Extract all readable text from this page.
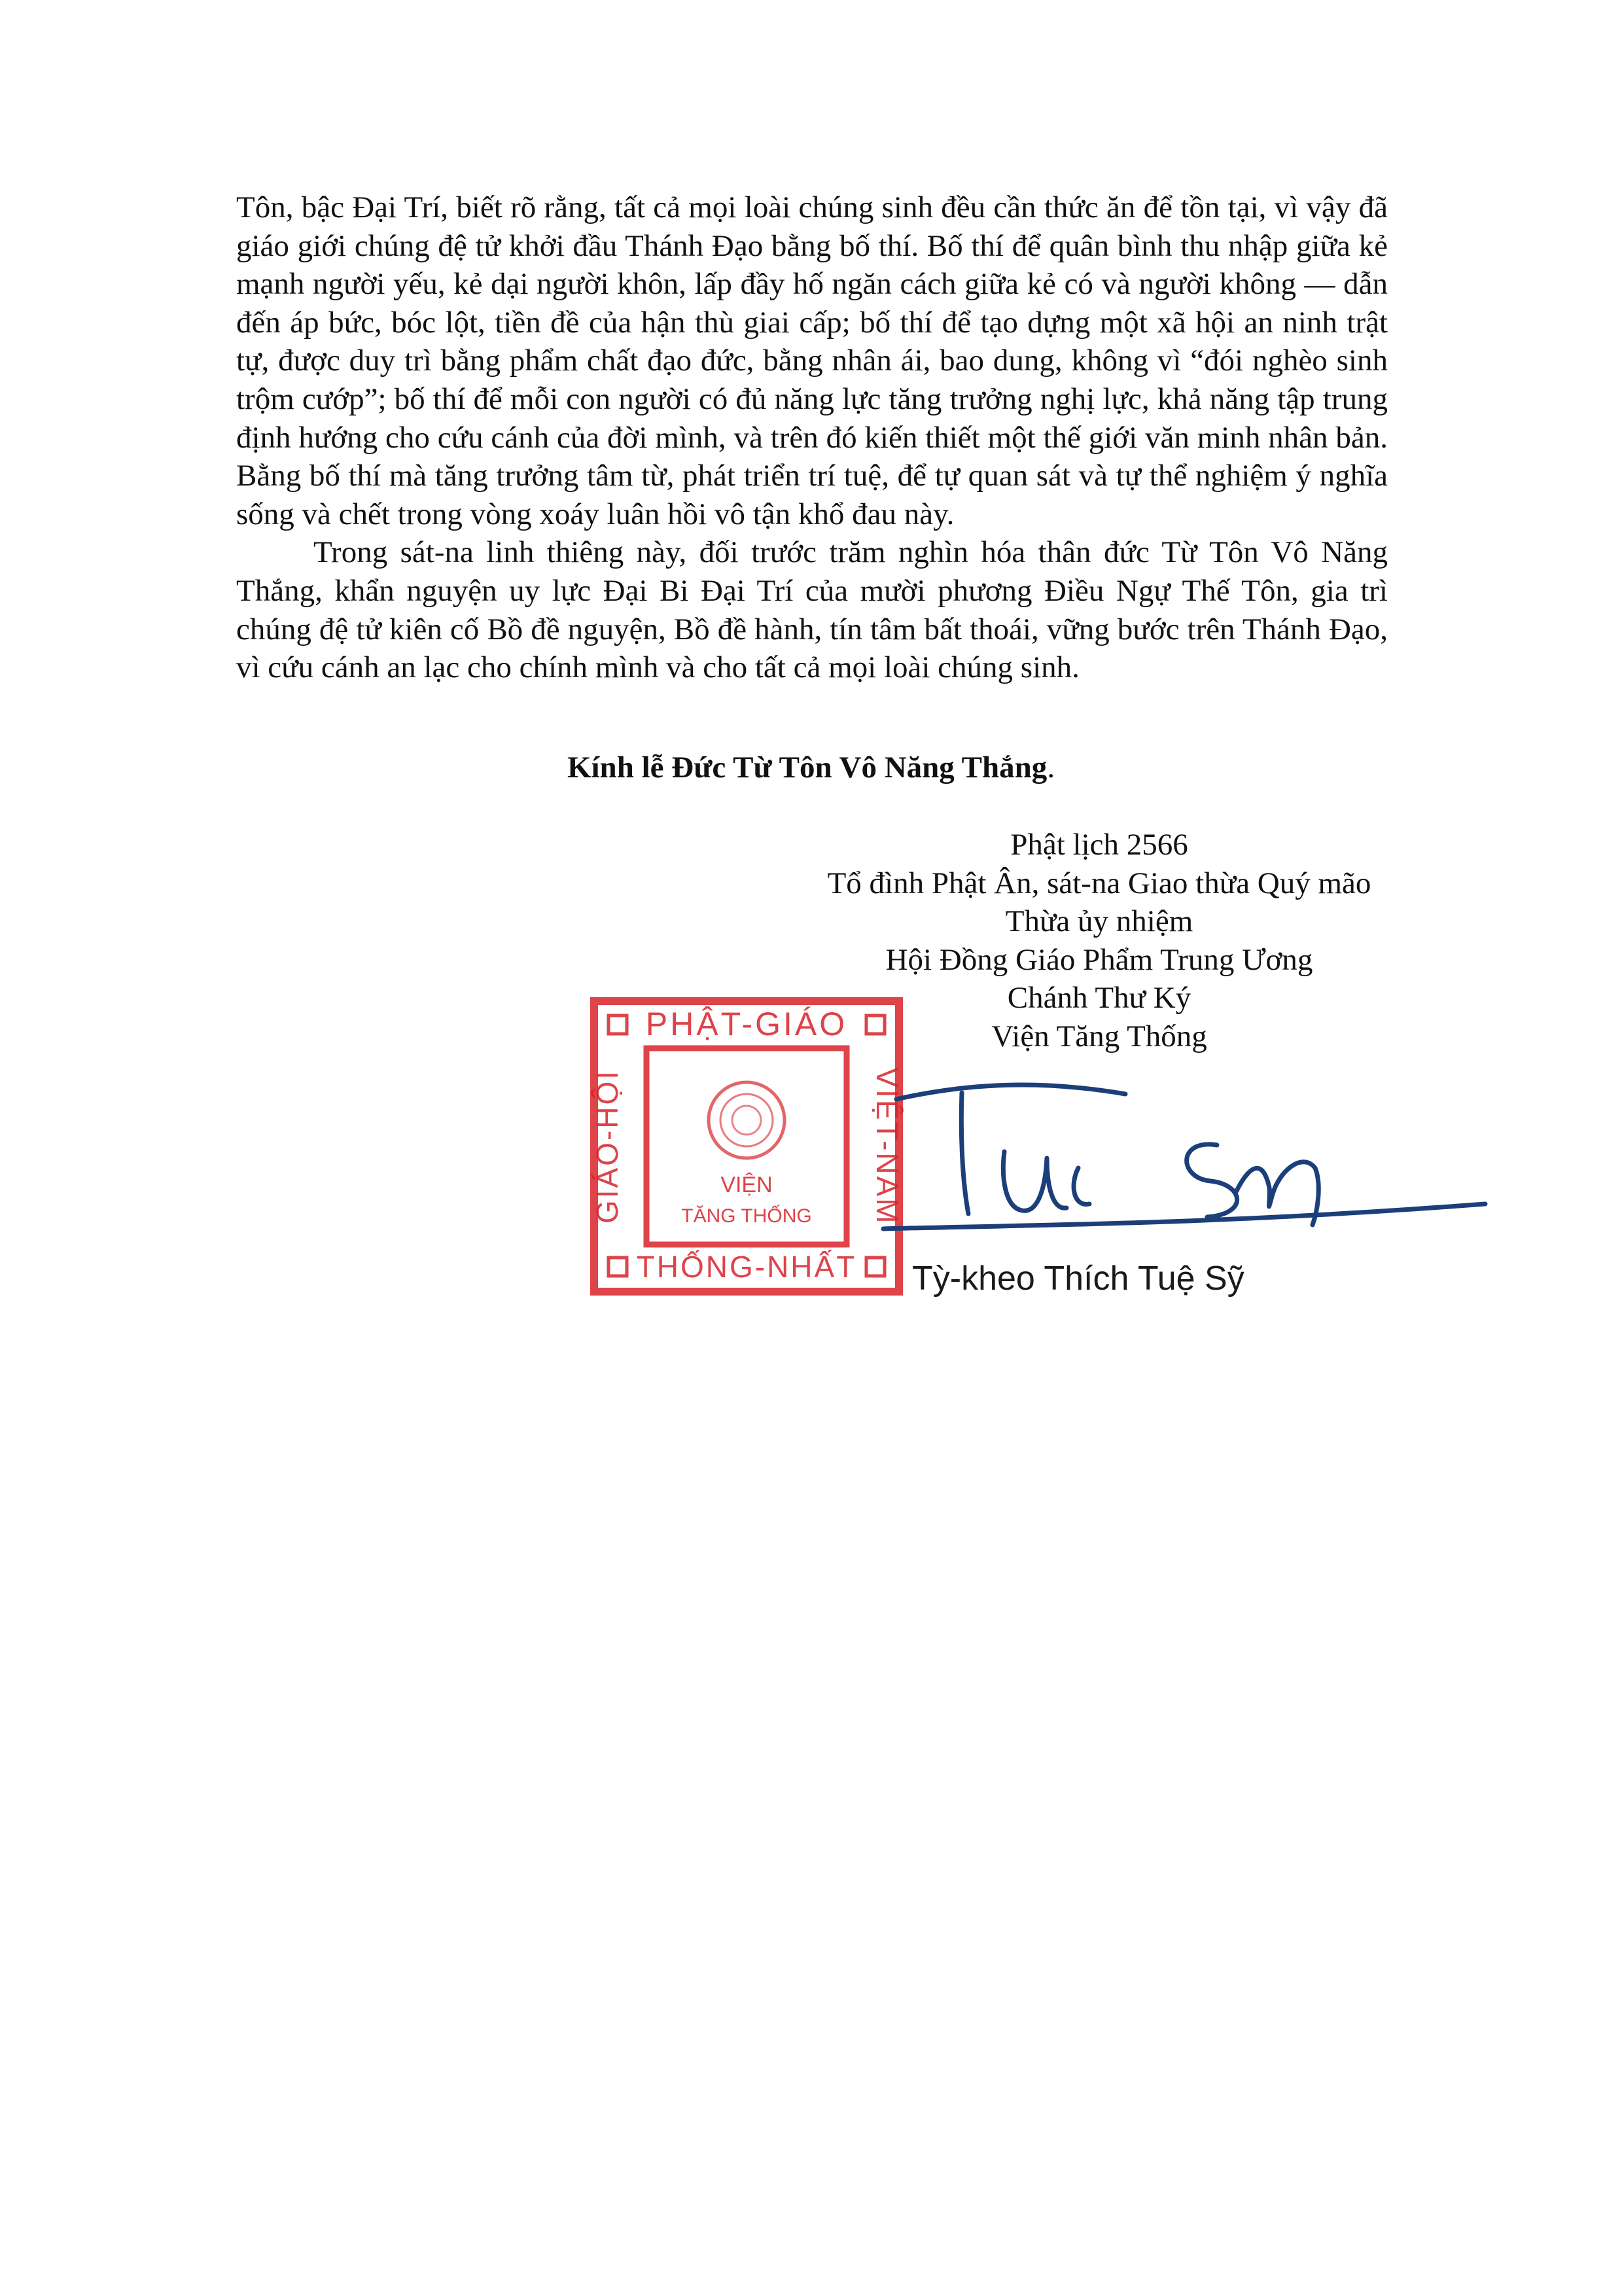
Tôn, bậc Đại Trí, biết rõ rằng, tất cả mọi loài chúng sinh đều cần thức ăn để tồn tại, vì vậy đã giáo giới chúng đệ tử khởi đầu Thánh Đạo bằng bố thí. Bố thí để quân bình thu nhập giữa kẻ mạnh người yếu, kẻ dại người khôn, lấp đầy hố ngăn cách giữa kẻ có và người không — dẫn đến áp bức, bóc lột, tiền đề của hận thù giai cấp; bố thí để tạo dựng một xã hội an ninh trật tự, được duy trì bằng phẩm chất đạo đức, bằng nhân ái, bao dung, không vì “đói nghèo sinh trộm cướp”; bố thí để mỗi con người có đủ năng lực tăng trưởng nghị lực, khả năng tập trung định hướng cho cứu cánh của đời mình, và trên đó kiến thiết một thế giới văn minh nhân bản. Bằng bố thí mà tăng trưởng tâm từ, phát triển trí tuệ, để tự quan sát và tự thể nghiệm ý nghĩa sống và chết trong vòng xoáy luân hồi vô tận khổ đau này.

Trong sát-na linh thiêng này, đối trước trăm nghìn hóa thân đức Từ Tôn Vô Năng Thắng, khẩn nguyện uy lực Đại Bi Đại Trí của mười phương Điều Ngự Thế Tôn, gia trì chúng đệ tử kiên cố Bồ đề nguyện, Bồ đề hành, tín tâm bất thoái, vững bước trên Thánh Đạo, vì cứu cánh an lạc cho chính mình và cho tất cả mọi loài chúng sinh.

Kính lễ Đức Từ Tôn Vô Năng Thắng.
Phật lịch 2566
Tổ đình Phật Ân, sát-na Giao thừa Quý mão
Thừa ủy nhiệm
Hội Đồng Giáo Phẩm Trung Ương
Chánh Thư Ký
Viện Tăng Thống
PHẬT-GIÁO
THỐNG-NHẤT
VIỆT-NAM
GIÁO-HỘI	VIỆN
TĂNG THỐNG
Tỳ-kheo Thích Tuệ Sỹ
